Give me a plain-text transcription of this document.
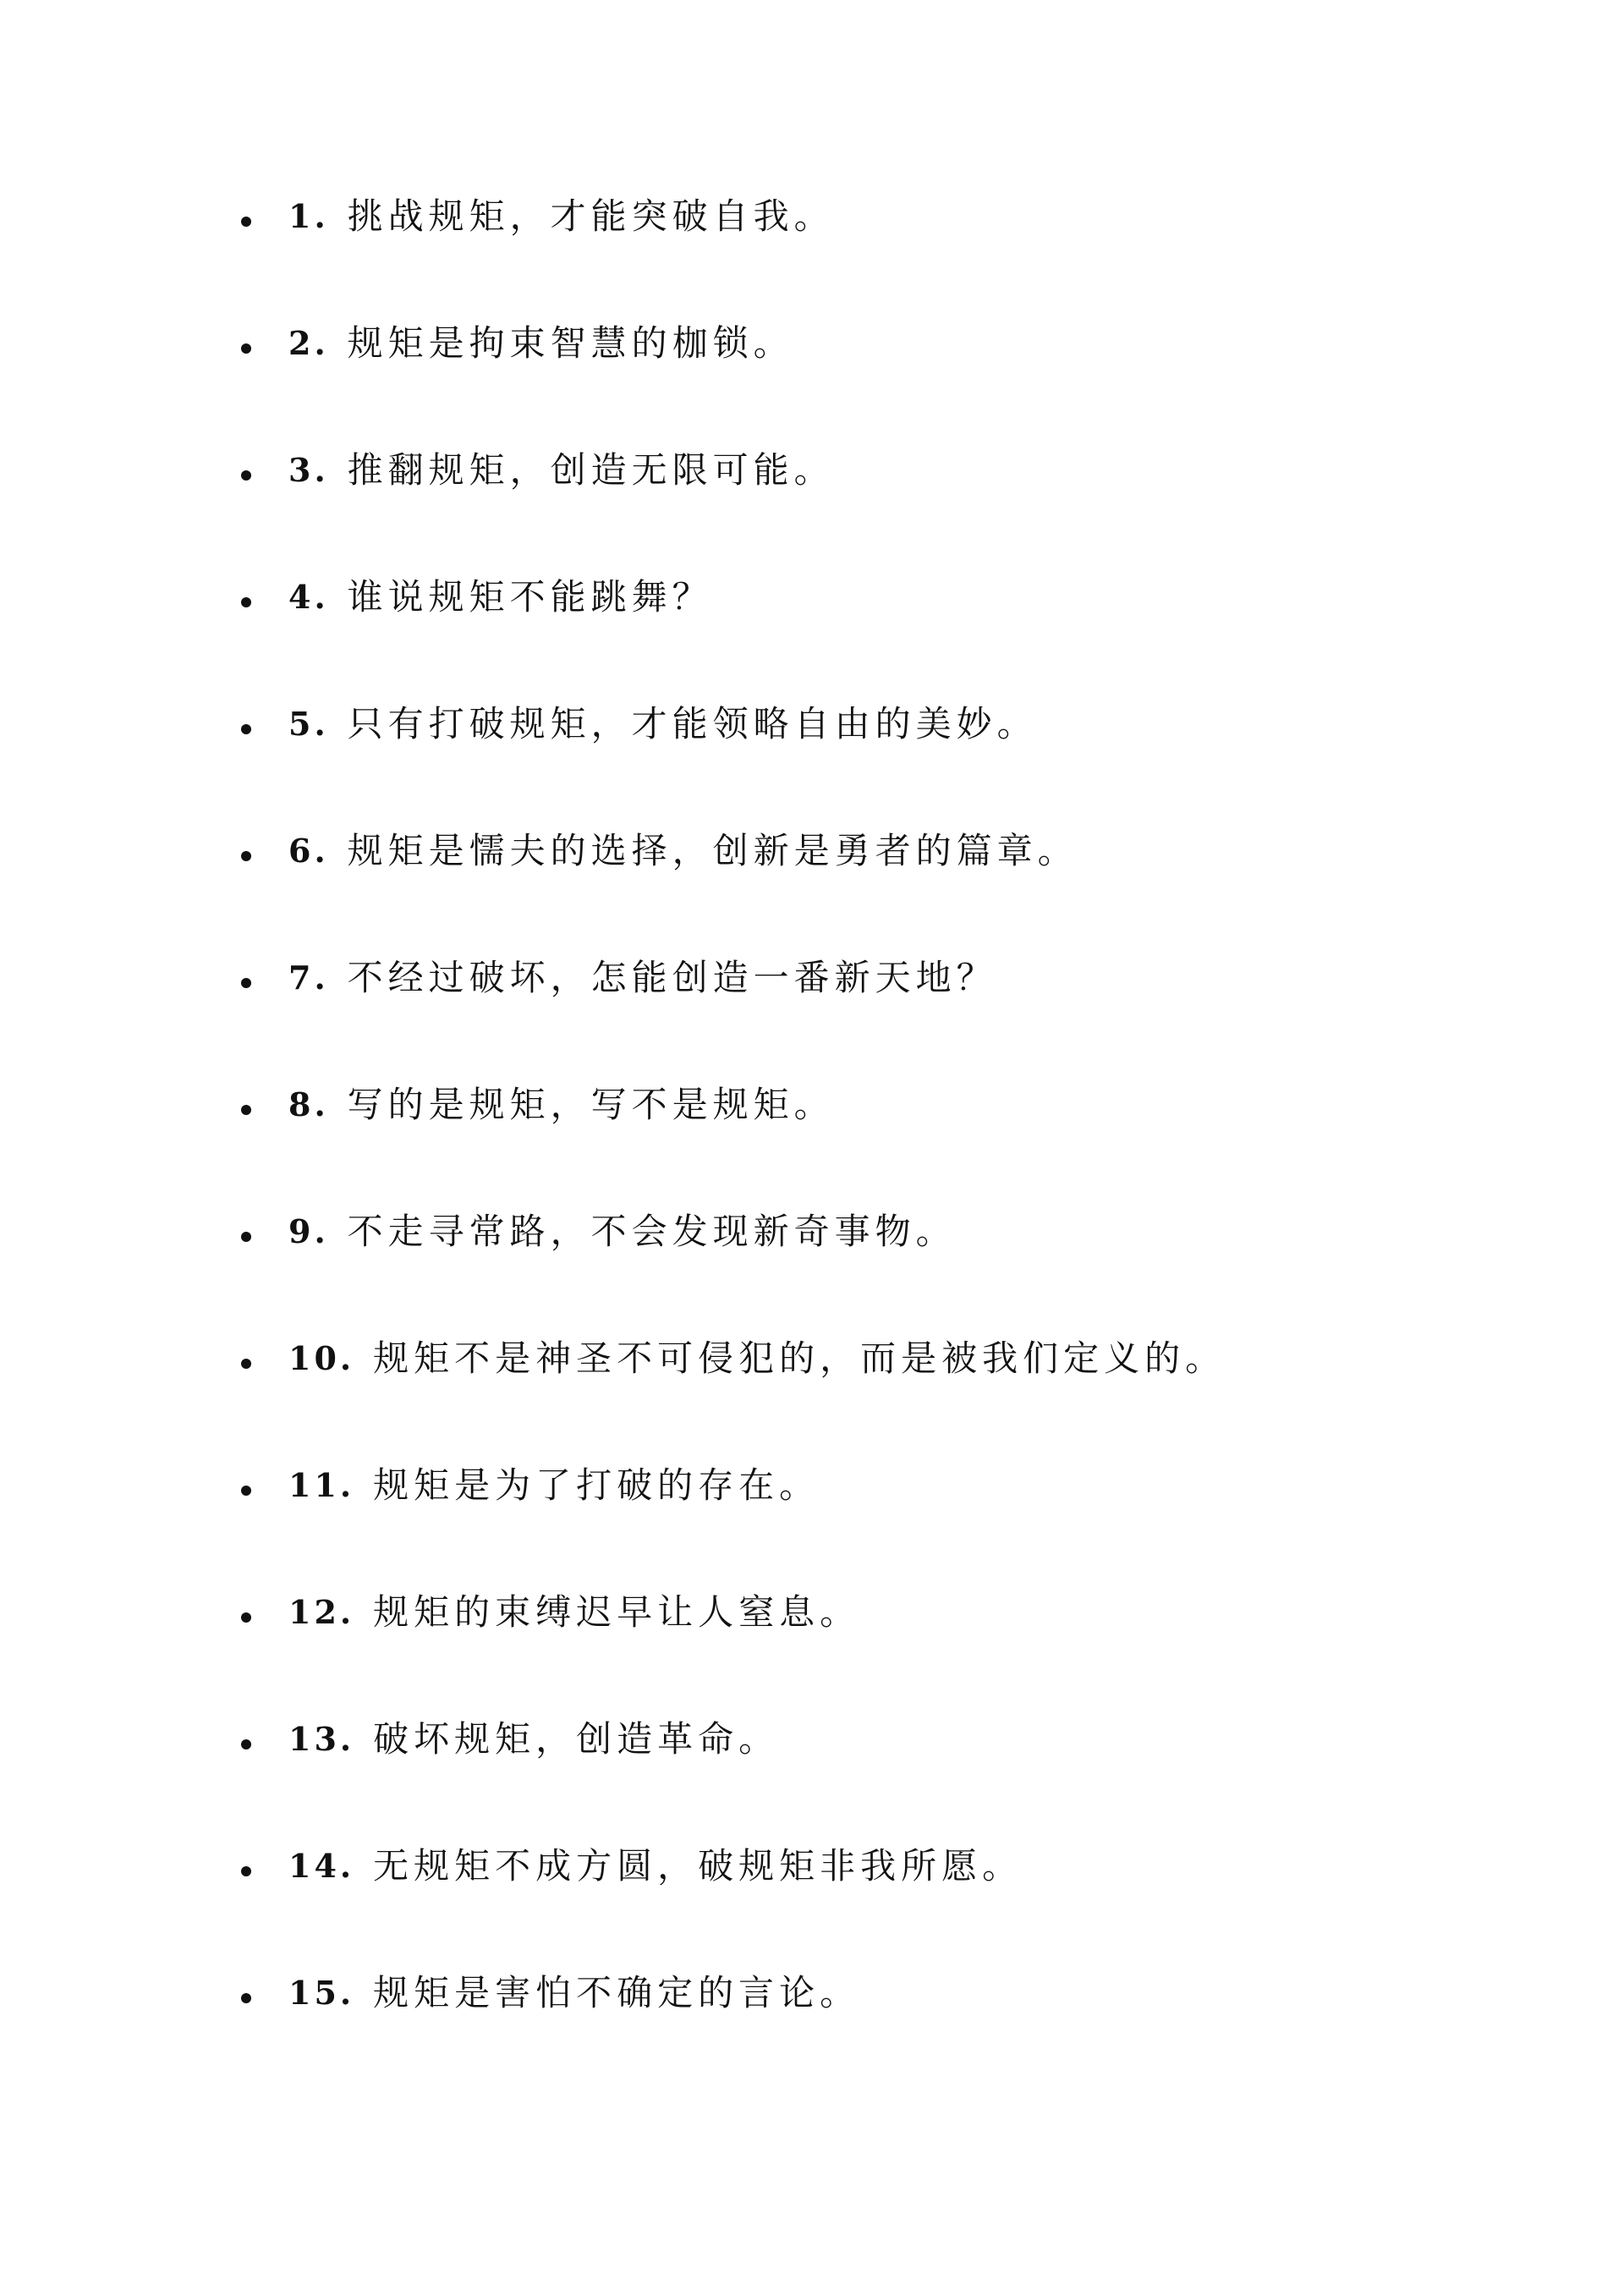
1. 挑战规矩，才能突破自我。
2. 规矩是拘束智慧的枷锁。
3. 推翻规矩，创造无限可能。
4. 谁说规矩不能跳舞？
5. 只有打破规矩，才能领略自由的美妙。
6. 规矩是懦夫的选择，创新是勇者的篇章。
7. 不经过破坏，怎能创造一番新天地？
8. 写的是规矩，写不是规矩。
9. 不走寻常路，不会发现新奇事物。
10. 规矩不是神圣不可侵犯的，而是被我们定义的。
11. 规矩是为了打破的存在。
12. 规矩的束缚迟早让人窒息。
13. 破坏规矩，创造革命。
14. 无规矩不成方圆，破规矩非我所愿。
15. 规矩是害怕不确定的言论。
